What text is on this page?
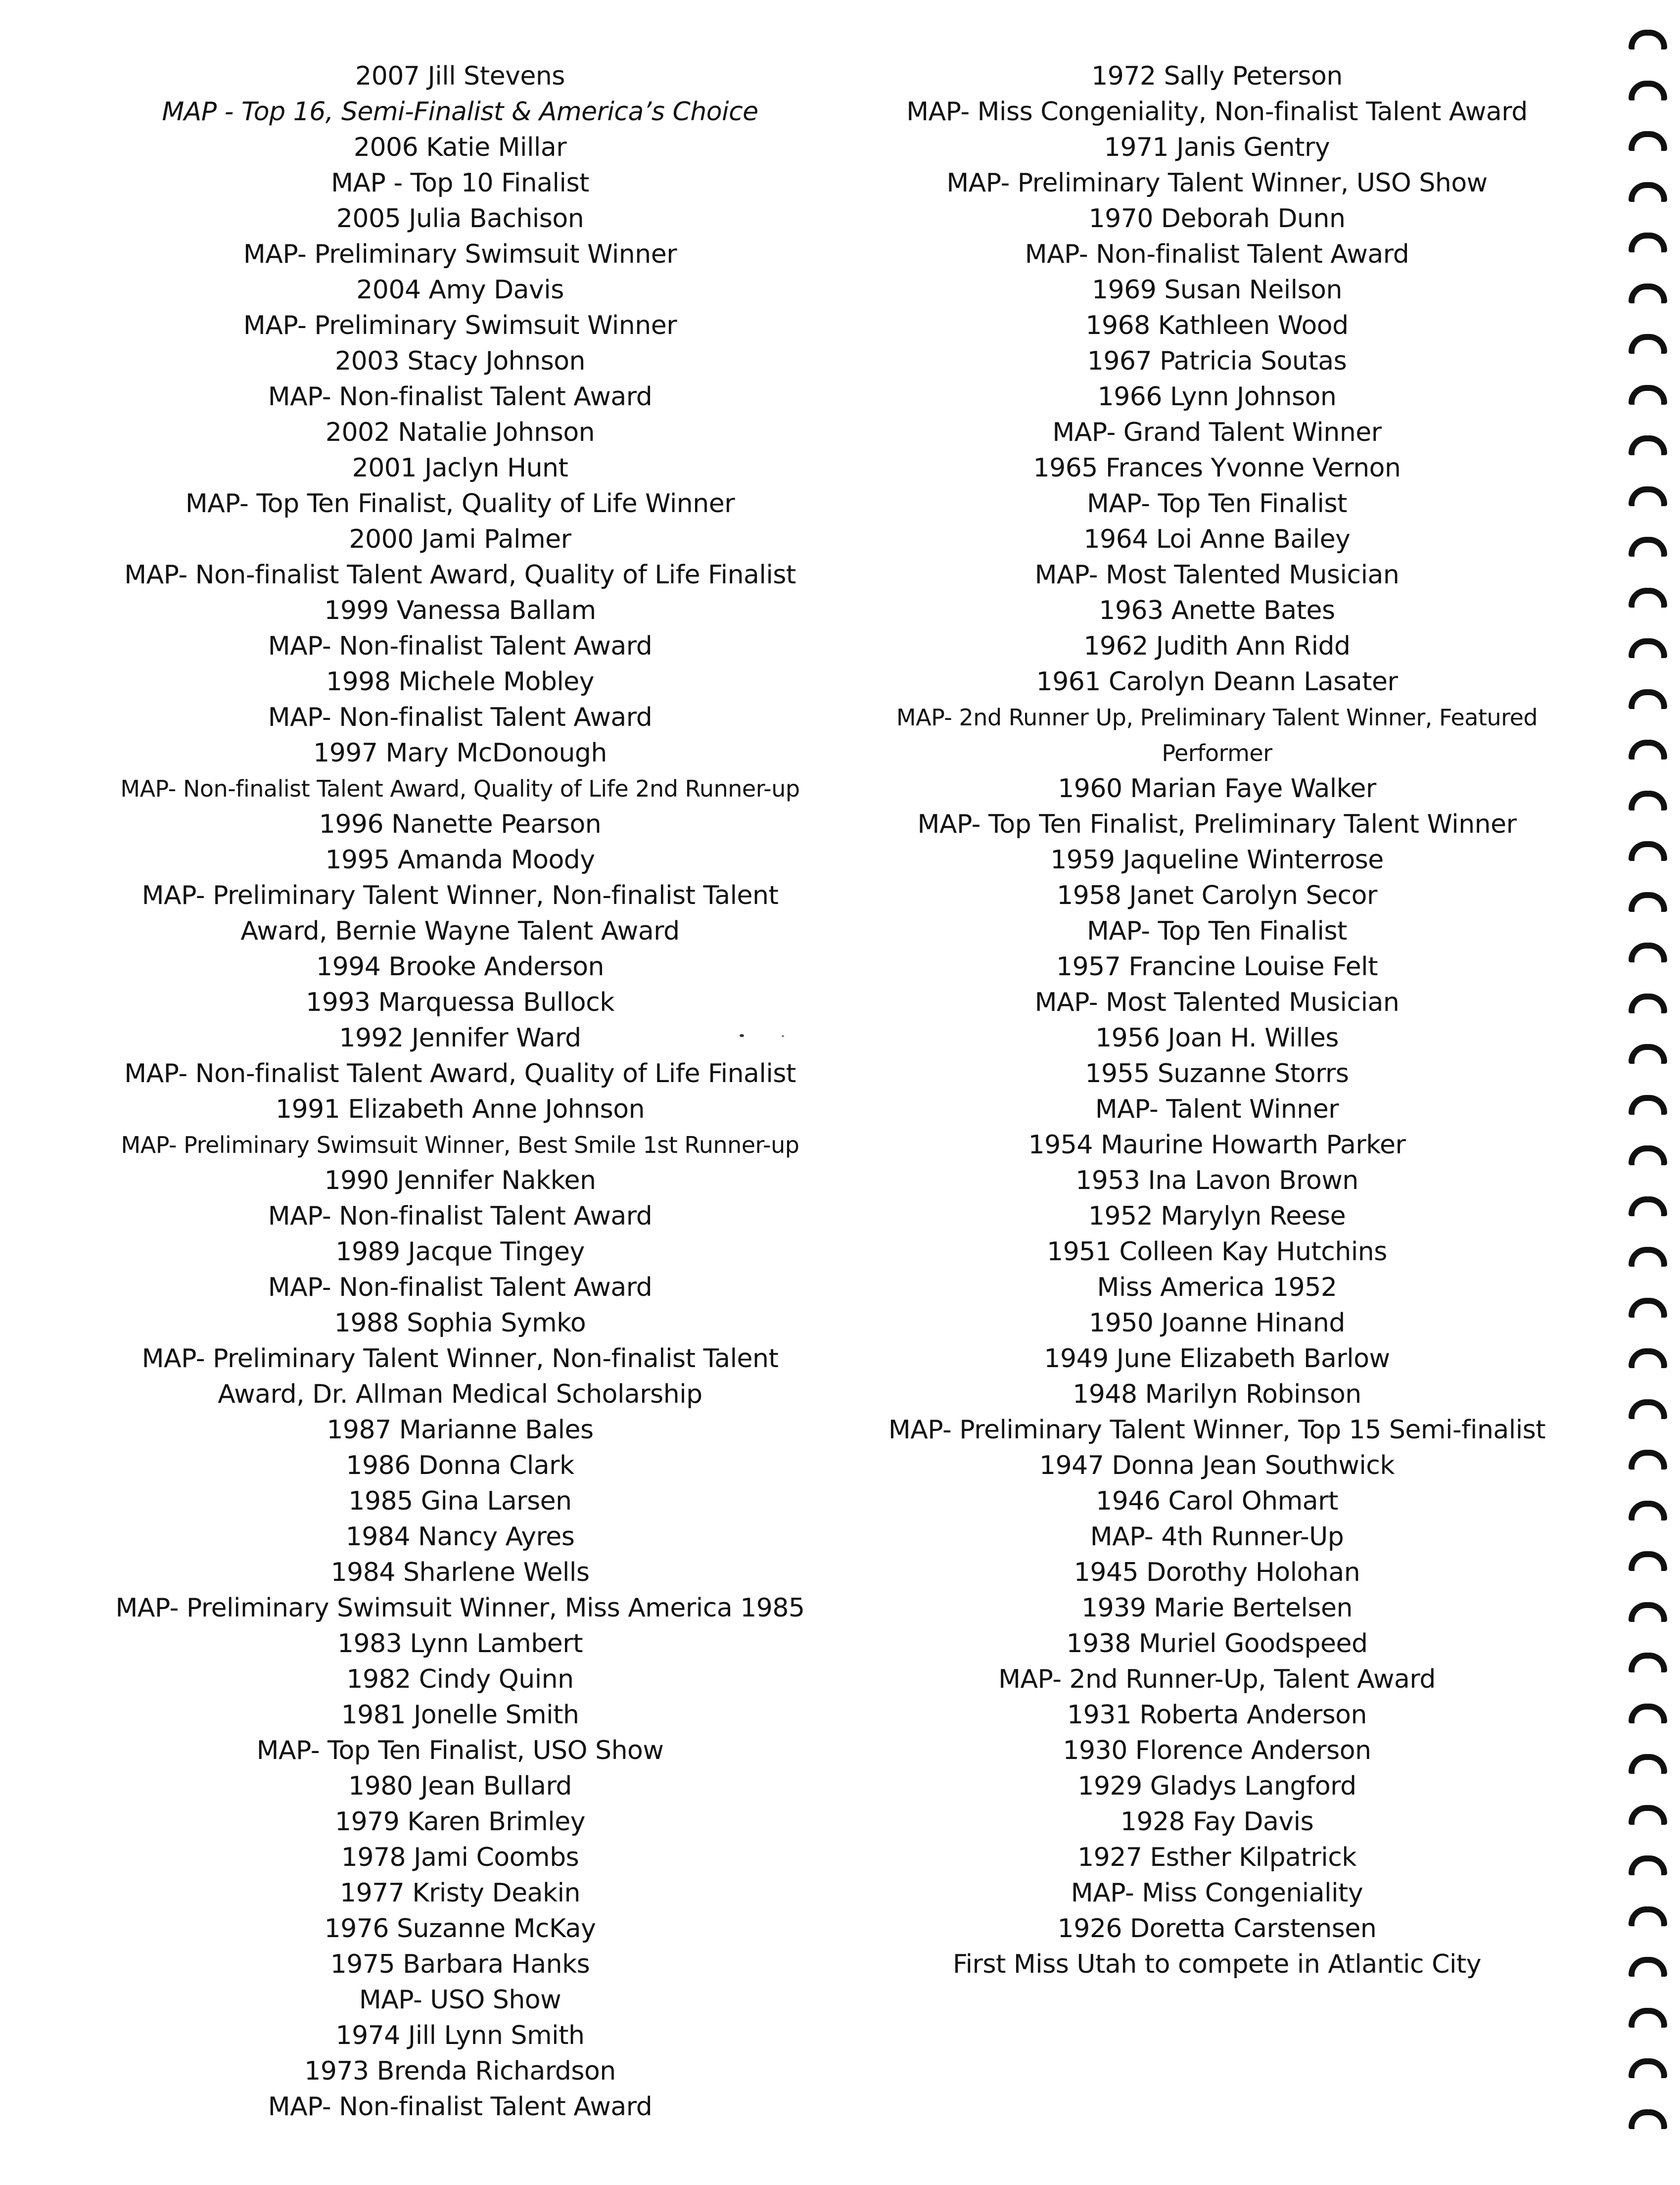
2007 Jill Stevens
MAP - Top 16, Semi-Finalist & America’s Choice
2006 Katie Millar
MAP - Top 10 Finalist
2005 Julia Bachison
MAP- Preliminary Swimsuit Winner
2004 Amy Davis
MAP- Preliminary Swimsuit Winner
2003 Stacy Johnson
MAP- Non-finalist Talent Award
2002 Natalie Johnson
2001 Jaclyn Hunt
MAP- Top Ten Finalist, Quality of Life Winner
2000 Jami Palmer
MAP- Non-finalist Talent Award, Quality of Life Finalist
1999 Vanessa Ballam
MAP- Non-finalist Talent Award
1998 Michele Mobley
MAP- Non-finalist Talent Award
1997 Mary McDonough
MAP- Non-finalist Talent Award, Quality of Life 2nd Runner-up
1996 Nanette Pearson
1995 Amanda Moody
MAP- Preliminary Talent Winner, Non-finalist Talent
Award, Bernie Wayne Talent Award
1994 Brooke Anderson
1993 Marquessa Bullock
1992 Jennifer Ward
MAP- Non-finalist Talent Award, Quality of Life Finalist
1991 Elizabeth Anne Johnson
MAP- Preliminary Swimsuit Winner, Best Smile 1st Runner-up
1990 Jennifer Nakken
MAP- Non-finalist Talent Award
1989 Jacque Tingey
MAP- Non-finalist Talent Award
1988 Sophia Symko
MAP- Preliminary Talent Winner, Non-finalist Talent
Award, Dr. Allman Medical Scholarship
1987 Marianne Bales
1986 Donna Clark
1985 Gina Larsen
1984 Nancy Ayres
1984 Sharlene Wells
MAP- Preliminary Swimsuit Winner, Miss America 1985
1983 Lynn Lambert
1982 Cindy Quinn
1981 Jonelle Smith
MAP- Top Ten Finalist, USO Show
1980 Jean Bullard
1979 Karen Brimley
1978 Jami Coombs
1977 Kristy Deakin
1976 Suzanne McKay
1975 Barbara Hanks
MAP- USO Show
1974 Jill Lynn Smith
1973 Brenda Richardson
MAP- Non-finalist Talent Award
1972 Sally Peterson
MAP- Miss Congeniality, Non-finalist Talent Award
1971 Janis Gentry
MAP- Preliminary Talent Winner, USO Show
1970 Deborah Dunn
MAP- Non-finalist Talent Award
1969 Susan Neilson
1968 Kathleen Wood
1967 Patricia Soutas
1966 Lynn Johnson
MAP- Grand Talent Winner
1965 Frances Yvonne Vernon
MAP- Top Ten Finalist
1964 Loi Anne Bailey
MAP- Most Talented Musician
1963 Anette Bates
1962 Judith Ann Ridd
1961 Carolyn Deann Lasater
MAP- 2nd Runner Up, Preliminary Talent Winner, Featured
Performer
1960 Marian Faye Walker
MAP- Top Ten Finalist, Preliminary Talent Winner
1959 Jaqueline Winterrose
1958 Janet Carolyn Secor
MAP- Top Ten Finalist
1957 Francine Louise Felt
MAP- Most Talented Musician
1956 Joan H. Willes
1955 Suzanne Storrs
MAP- Talent Winner
1954 Maurine Howarth Parker
1953 Ina Lavon Brown
1952 Marylyn Reese
1951 Colleen Kay Hutchins
Miss America 1952
1950 Joanne Hinand
1949 June Elizabeth Barlow
1948 Marilyn Robinson
MAP- Preliminary Talent Winner, Top 15 Semi-finalist
1947 Donna Jean Southwick
1946 Carol Ohmart
MAP- 4th Runner-Up
1945 Dorothy Holohan
1939 Marie Bertelsen
1938 Muriel Goodspeed
MAP- 2nd Runner-Up, Talent Award
1931 Roberta Anderson
1930 Florence Anderson
1929 Gladys Langford
1928 Fay Davis
1927 Esther Kilpatrick
MAP- Miss Congeniality
1926 Doretta Carstensen
First Miss Utah to compete in Atlantic City
